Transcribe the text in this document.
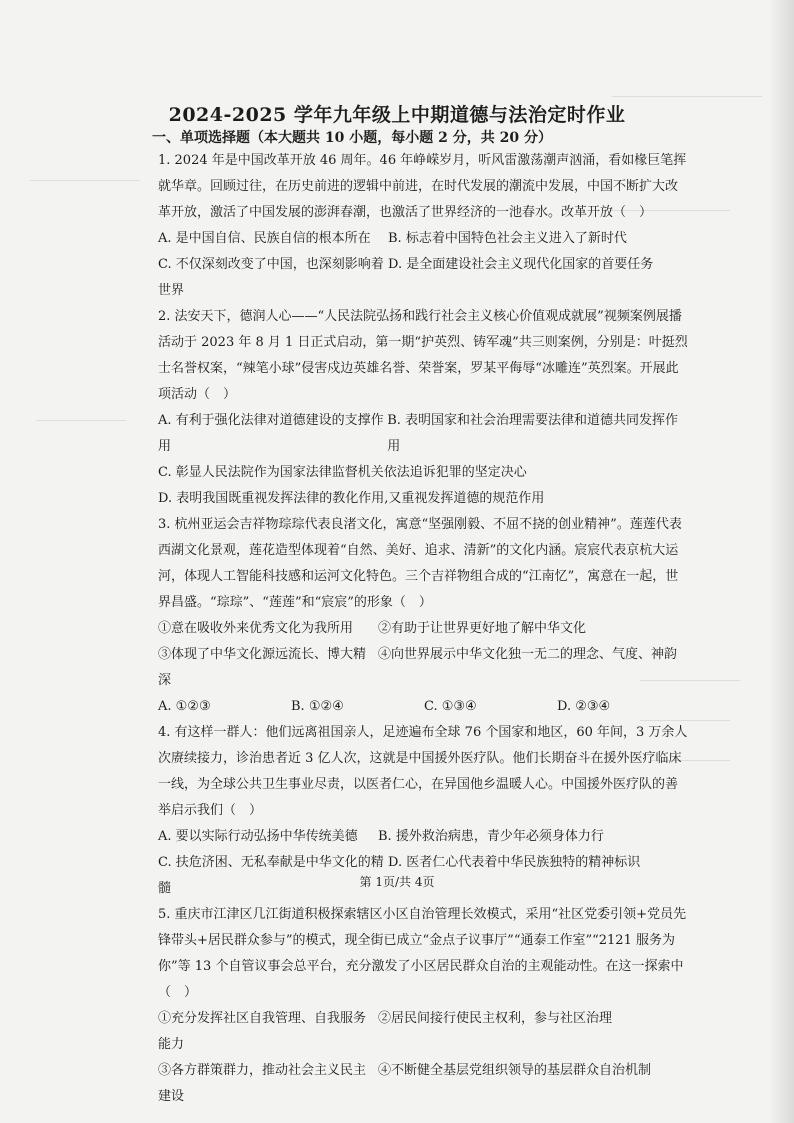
2024-2025 学年九年级上中期道德与法治定时作业
一、单项选择题（本大题共 10 小题，每小题 2 分，共 20 分）

1. 2024 年是中国改革开放 46 周年。46 年峥嵘岁月，听风雷激荡潮声汹涌，看如椽巨笔挥就华章。回顾过往，在历史前进的逻辑中前进，在时代发展的潮流中发展，中国不断扩大改革开放，激活了中国发展的澎湃春潮，也激活了世界经济的一池春水。改革开放（　）

A. 是中国自信、民族自信的根本所在	B. 标志着中国特色社会主义进入了新时代
C. 不仅深刻改变了中国，也深刻影响着世界
D. 是全面建设社会主义现代化国家的首要任务

2. 法安天下，德润人心——“人民法院弘扬和践行社会主义核心价值观成就展”视频案例展播活动于 2023 年 8 月 1 日正式启动，第一期“护英烈、铸军魂”共三则案例，分别是：叶挺烈士名誉权案，“辣笔小球”侵害戍边英雄名誉、荣誉案，罗某平侮辱“冰雕连”英烈案。开展此项活动（　）

A. 有利于强化法律对道德建设的支撑作用
B. 表明国家和社会治理需要法律和道德共同发挥作用

C. 彰显人民法院作为国家法律监督机关依法追诉犯罪的坚定决心

D. 表明我国既重视发挥法律的教化作用,又重视发挥道德的规范作用

3. 杭州亚运会吉祥物琮琮代表良渚文化，寓意“坚强刚毅、不屈不挠的创业精神”。莲莲代表西湖文化景观，莲花造型体现着“自然、美好、追求、清新”的文化内涵。宸宸代表京杭大运河，体现人工智能科技感和运河文化特色。三个吉祥物组合成的“江南忆”，寓意在一起，世界昌盛。“琮琮”、“莲莲”和“宸宸”的形象（　）

①意在吸收外来优秀文化为我所用	②有助于让世界更好地了解中华文化
③体现了中华文化源远流长、博大精深
④向世界展示中华文化独一无二的理念、气度、神韵
A. ①②③	B. ①②④	C. ①③④	D. ②③④

4. 有这样一群人：他们远离祖国亲人，足迹遍布全球 76 个国家和地区，60 年间，3 万余人次赓续接力，诊治患者近 3 亿人次，这就是中国援外医疗队。他们长期奋斗在援外医疗临床一线，为全球公共卫生事业尽责，以医者仁心，在异国他乡温暖人心。中国援外医疗队的善举启示我们（　）

A. 要以实际行动弘扬中华传统美德	B. 援外救治病患，青少年必须身体力行
C. 扶危济困、无私奉献是中华文化的精髓
D. 医者仁心代表着中华民族独特的精神标识

5. 重庆市江津区几江街道积极探索辖区小区自治管理长效模式，采用“社区党委引领+党员先锋带头+居民群众参与”的模式，现全街已成立“金点子议事厅”“通泰工作室”“2121 服务为你”等 13 个自管议事会总平台，充分激发了小区居民群众自治的主观能动性。在这一探索中（　）

①充分发挥社区自我管理、自我服务能力
②居民间接行使民主权利，参与社区治理
③各方群策群力，推动社会主义民主建设
④不断健全基层党组织领导的基层群众自治机制
第 1页/共 4页
